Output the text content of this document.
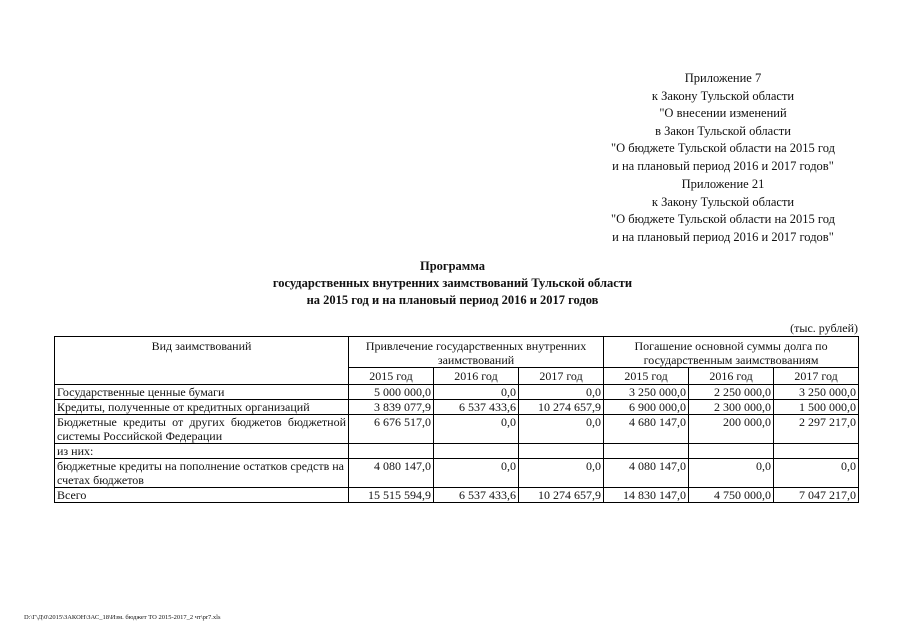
Приложение 7
к Закону Тульской области
"О внесении изменений
в Закон Тульской области
"О бюджете Тульской области на 2015 год
и на плановый период 2016 и 2017 годов"
Приложение 21
к Закону Тульской области
"О бюджете Тульской области на 2015 год
и на плановый период 2016 и 2017 годов"
Программа
государственных внутренних заимствований Тульской области
на 2015 год и на плановый период 2016 и 2017 годов
(тыс. рублей)
Вид заимствований	Привлечение государственных внутренних заимствований			Погашение основной суммы долга по государственным заимствованиям		
	2015 год	2016 год	2017 год	2015 год	2016 год	2017 год
Государственные ценные бумаги	5 000 000,0	0,0	0,0	3 250 000,0	2 250 000,0	3 250 000,0
Кредиты, полученные от кредитных организаций	3 839 077,9	6 537 433,6	10 274 657,9	6 900 000,0	2 300 000,0	1 500 000,0
Бюджетные кредиты от других бюджетов бюджетной системы Российской Федерации	6 676 517,0	0,0	0,0	4 680 147,0	200 000,0	2 297 217,0
из них:						
бюджетные кредиты на пополнение остатков средств на счетах бюджетов	4 080 147,0	0,0	0,0	4 080 147,0	0,0	0,0
Всего	15 515 594,9	6 537 433,6	10 274 657,9	14 830 147,0	4 750 000,0	7 047 217,0
D:\Г\Д\0\2015\ЗАКОН\ЗАС_18\Изм. бюджет ТО 2015-2017_2 чт\pr7.xls
